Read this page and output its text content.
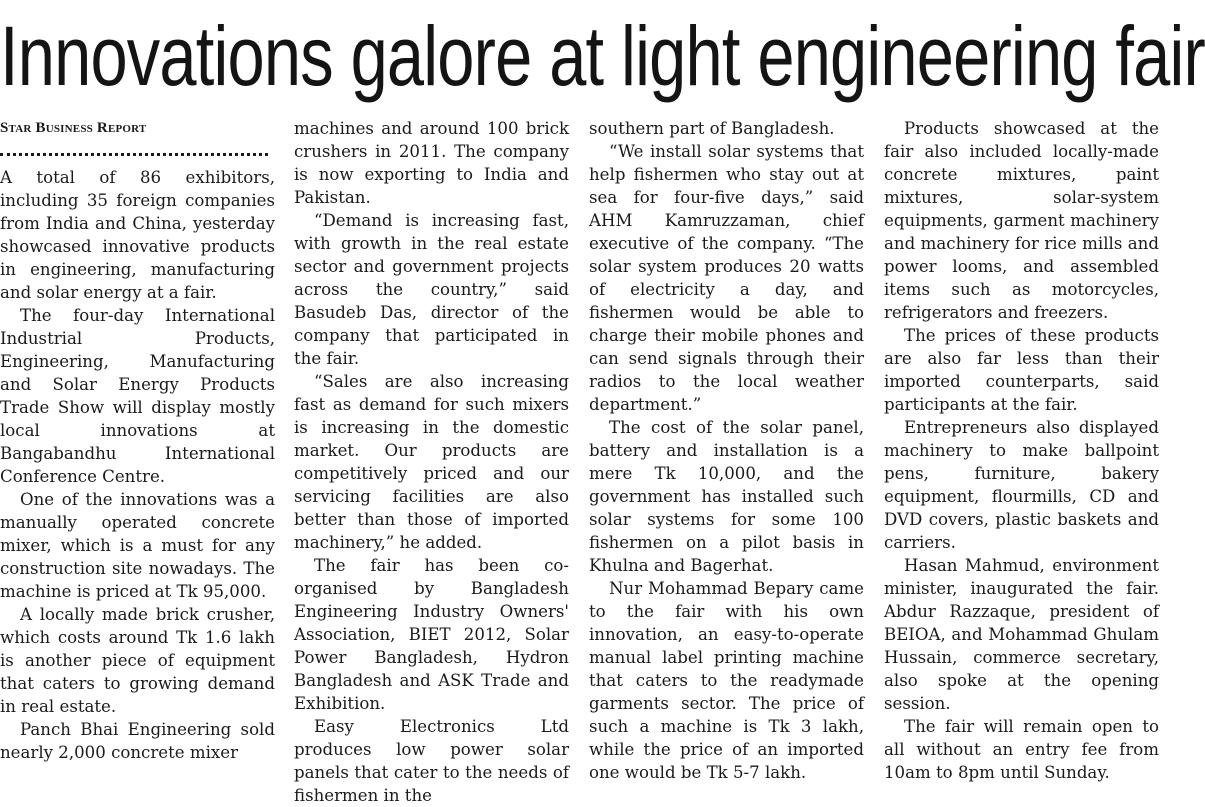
Innovations galore at light engineering fair
Star Business Report

A total of 86 exhibitors, including 35 foreign companies from India and China, yesterday showcased innovative products in engineering, manufacturing and solar energy at a fair.

The four-day International Industrial Products, Engineering, Manufacturing and Solar Energy Products Trade Show will display mostly local innovations at Bangabandhu International Conference Centre.

One of the innovations was a manually operated concrete mixer, which is a must for any construction site nowadays. The machine is priced at Tk 95,000.

A locally made brick crusher, which costs around Tk 1.6 lakh is another piece of equipment that caters to growing demand in real estate.

Panch Bhai Engineering sold nearly 2,000 concrete mixer

machines and around 100 brick crushers in 2011. The company is now exporting to India and Pakistan.

“Demand is increasing fast, with growth in the real estate sector and government projects across the country,” said Basudeb Das, director of the company that participated in the fair.

“Sales are also increasing fast as demand for such mixers is increasing in the domestic market. Our products are competitively priced and our servicing facilities are also better than those of imported machinery,” he added.

The fair has been co-organised by Bangladesh Engineering Industry Owners' Association, BIET 2012, Solar Power Bangladesh, Hydron Bangladesh and ASK Trade and Exhibition.

Easy Electronics Ltd produces low power solar panels that cater to the needs of fishermen in the

southern part of Bangladesh.

“We install solar systems that help fishermen who stay out at sea for four-five days,” said AHM Kamruzzaman, chief executive of the company. “The solar system produces 20 watts of electricity a day, and fishermen would be able to charge their mobile phones and can send signals through their radios to the local weather department.”

The cost of the solar panel, battery and installation is a mere Tk 10,000, and the government has installed such solar systems for some 100 fishermen on a pilot basis in Khulna and Bagerhat.

Nur Mohammad Bepary came to the fair with his own innovation, an easy-to-operate manual label printing machine that caters to the readymade garments sector. The price of such a machine is Tk 3 lakh, while the price of an imported one would be Tk 5-7 lakh.

Products showcased at the fair also included locally-made concrete mixtures, paint mixtures, solar-system equipments, garment machinery and machinery for rice mills and power looms, and assembled items such as motorcycles, refrigerators and freezers.

The prices of these products are also far less than their imported counterparts, said participants at the fair.

Entrepreneurs also displayed machinery to make ballpoint pens, furniture, bakery equipment, flourmills, CD and DVD covers, plastic baskets and carriers.

Hasan Mahmud, environment minister, inaugurated the fair. Abdur Razzaque, president of BEIOA, and Mohammad Ghulam Hussain, commerce secretary, also spoke at the opening session.

The fair will remain open to all without an entry fee from 10am to 8pm until Sunday.
